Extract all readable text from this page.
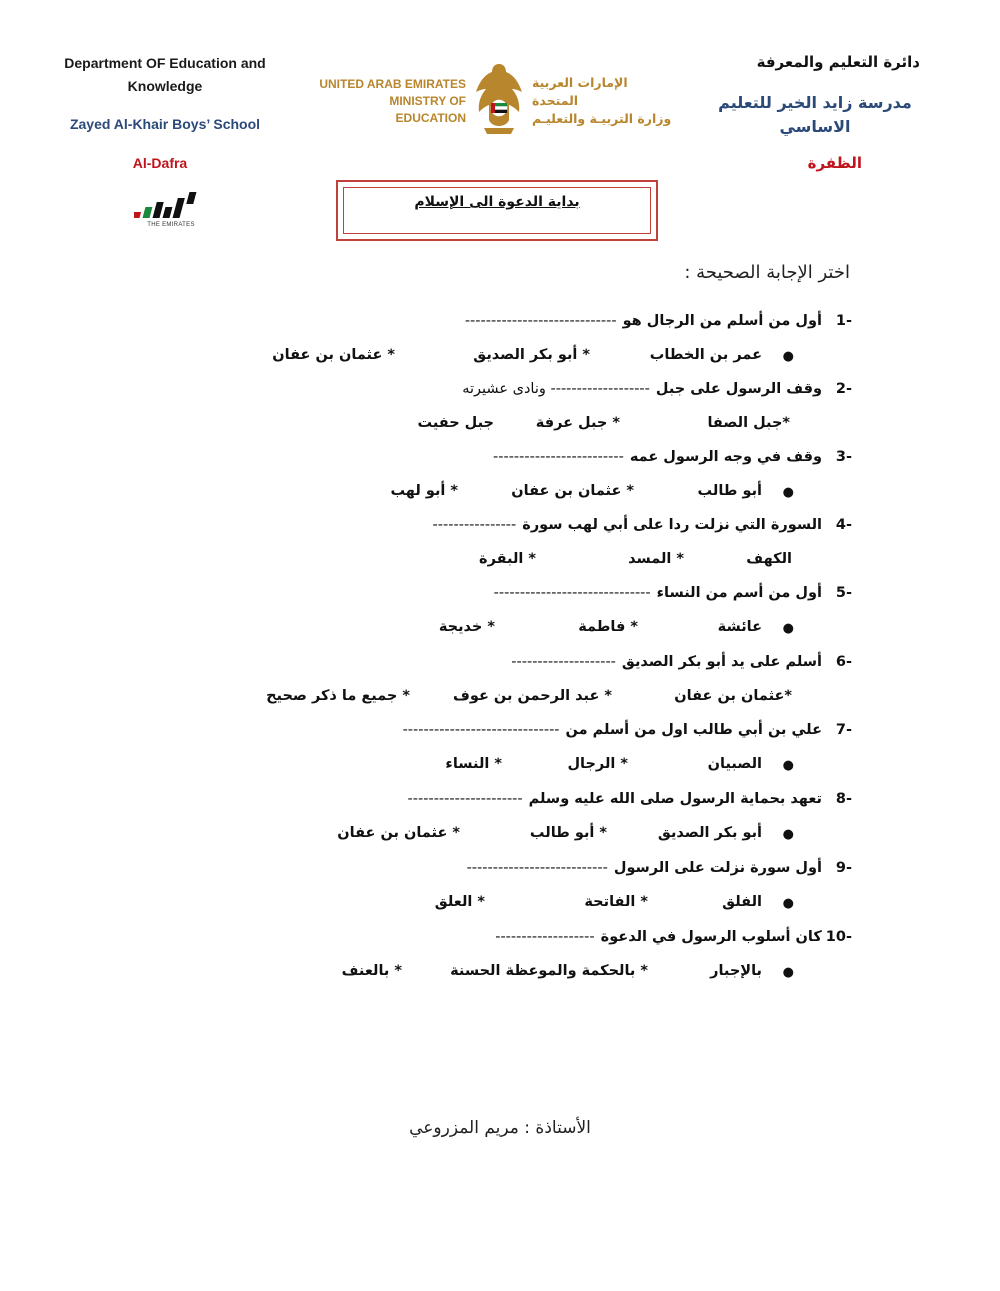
Department OF Education and Knowledge
Zayed Al-Khair Boys’ School
Al-Dafra
دائرة التعليم والمعرفة
مدرسة زايد الخير للتعليم
الاساسي
الظفرة
UNITED ARAB EMIRATES
MINISTRY OF EDUCATION
الإمارات العربية المتحدة
وزارة التربيـة والتعليـم
THE EMIRATES
بداية الدعوة الى الإسلام
اختر الإجابة الصحيحة :
-1أول من أسلم من الرجال هو-----------------------------
●
عمر بن الخطاب
* أبو بكر الصديق
* عثمان بن عفان
-2وقف الرسول على جبل------------------- ونادى عشيرته
*جبل الصفا
* جبل عرفة
جبل حفيت
-3وقف في وجه الرسول عمه-------------------------
●
أبو طالب
* عثمان بن عفان
* أبو لهب
-4السورة التي نزلت ردا على أبي لهب سورة----------------
الكهف
* المسد
* البقرة
-5أول من أسم من النساء------------------------------
●
عائشة
* فاطمة
* خديجة
-6أسلم على يد أبو بكر الصديق--------------------
*عثمان بن عفان
* عبد الرحمن بن عوف
* جميع ما ذكر صحيح
-7علي بن أبي طالب اول من أسلم من------------------------------
●
الصبيان
* الرجال
* النساء
-8تعهد بحماية الرسول صلى الله عليه وسلم----------------------
●
أبو بكر الصديق
* أبو طالب
* عثمان بن عفان
-9أول سورة نزلت على الرسول---------------------------
●
الفلق
* الفاتحة
* العلق
-10كان أسلوب الرسول في الدعوة-------------------
●
بالإجبار
* بالحكمة والموعظة الحسنة
* بالعنف
الأستاذة : مريم المزروعي
